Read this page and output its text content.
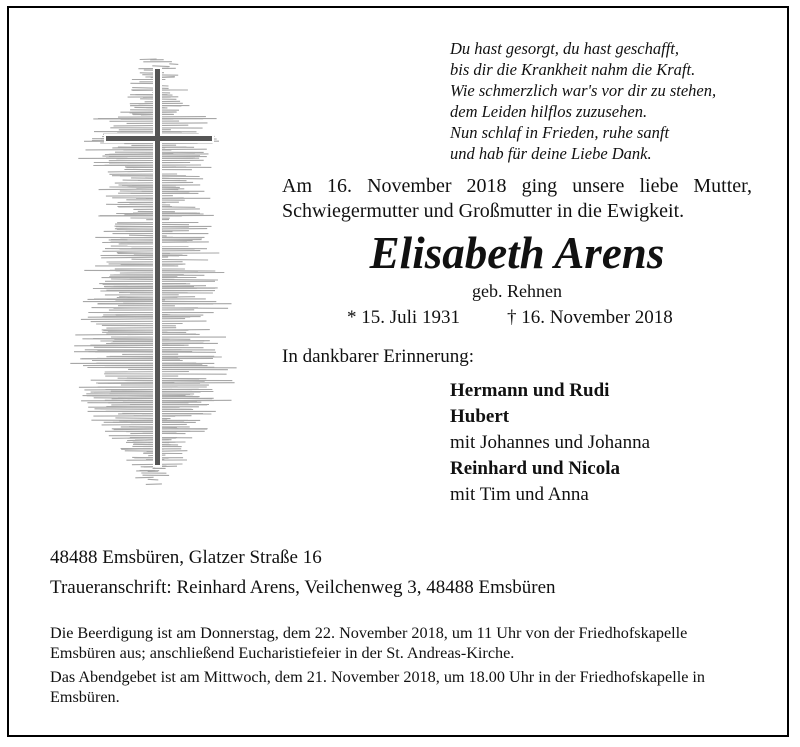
Du hast gesorgt, du hast geschafft,
bis dir die Krankheit nahm die Kraft.
Wie schmerzlich war's vor dir zu stehen,
dem Leiden hilflos zuzusehen.
Nun schlaf in Frieden, ruhe sanft
und hab für deine Liebe Dank.
Am 16. November 2018 ging unsere liebe Mutter,
Schwiegermutter und Großmutter in die Ewigkeit.
Elisabeth Arens
geb. Rehnen
* 15. Juli 1931 † 16. November 2018
In dankbarer Erinnerung:
Hermann und Rudi
Hubert
mit Johannes und Johanna
Reinhard und Nicola
mit Tim und Anna
48488 Emsbüren, Glatzer Straße 16
Traueranschrift: Reinhard Arens, Veilchenweg 3, 48488 Emsbüren

Die Beerdigung ist am Donnerstag, dem 22. November 2018, um 11 Uhr von der Friedhofskapelle Emsbüren aus; anschließend Eucharistiefeier in der St. Andreas-Kirche.

Das Abendgebet ist am Mittwoch, dem 21. November 2018, um 18.00 Uhr in der Friedhofskapelle in Emsbüren.
